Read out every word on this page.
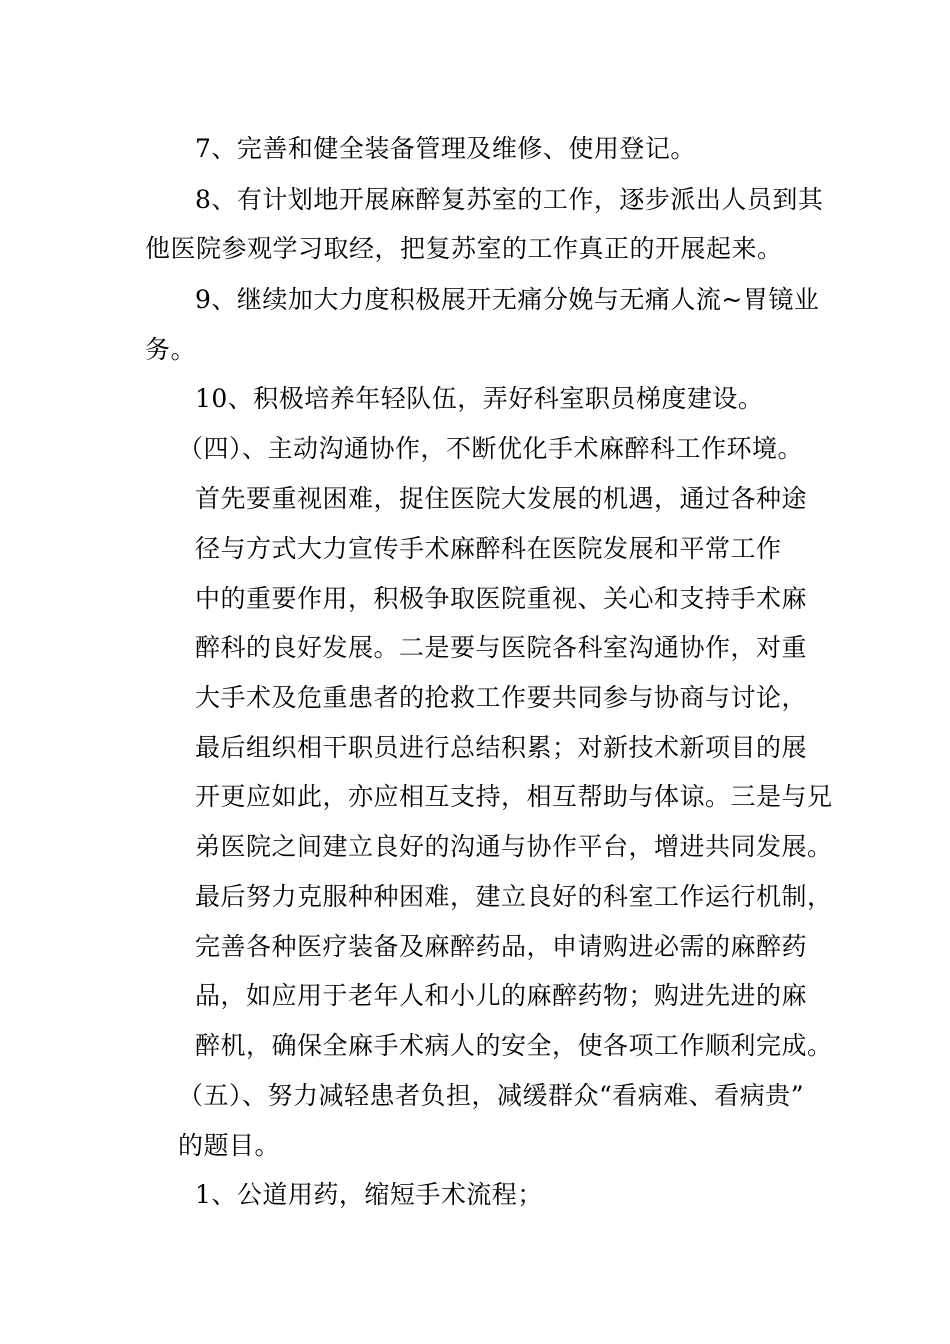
7、完善和健全装备管理及维修、使用登记。
8、有计划地开展麻醉复苏室的工作，逐步派出人员到其
他医院参观学习取经，把复苏室的工作真正的开展起来。
9、继续加大力度积极展开无痛分娩与无痛人流~胃镜业
务。
10、积极培养年轻队伍，弄好科室职员梯度建设。
（四）、主动沟通协作，不断优化手术麻醉科工作环境。
首先要重视困难，捉住医院大发展的机遇，通过各种途
径与方式大力宣传手术麻醉科在医院发展和平常工作
中的重要作用，积极争取医院重视、关心和支持手术麻
醉科的良好发展。二是要与医院各科室沟通协作，对重
大手术及危重患者的抢救工作要共同参与协商与讨论，
最后组织相干职员进行总结积累；对新技术新项目的展
开更应如此，亦应相互支持，相互帮助与体谅。三是与兄
弟医院之间建立良好的沟通与协作平台，增进共同发展。
最后努力克服种种困难，建立良好的科室工作运行机制，
完善各种医疗装备及麻醉药品，申请购进必需的麻醉药
品，如应用于老年人和小儿的麻醉药物；购进先进的麻
醉机，确保全麻手术病人的安全，使各项工作顺利完成。
（五）、努力减轻患者负担，减缓群众“看病难、看病贵”
的题目。
1、公道用药，缩短手术流程；
